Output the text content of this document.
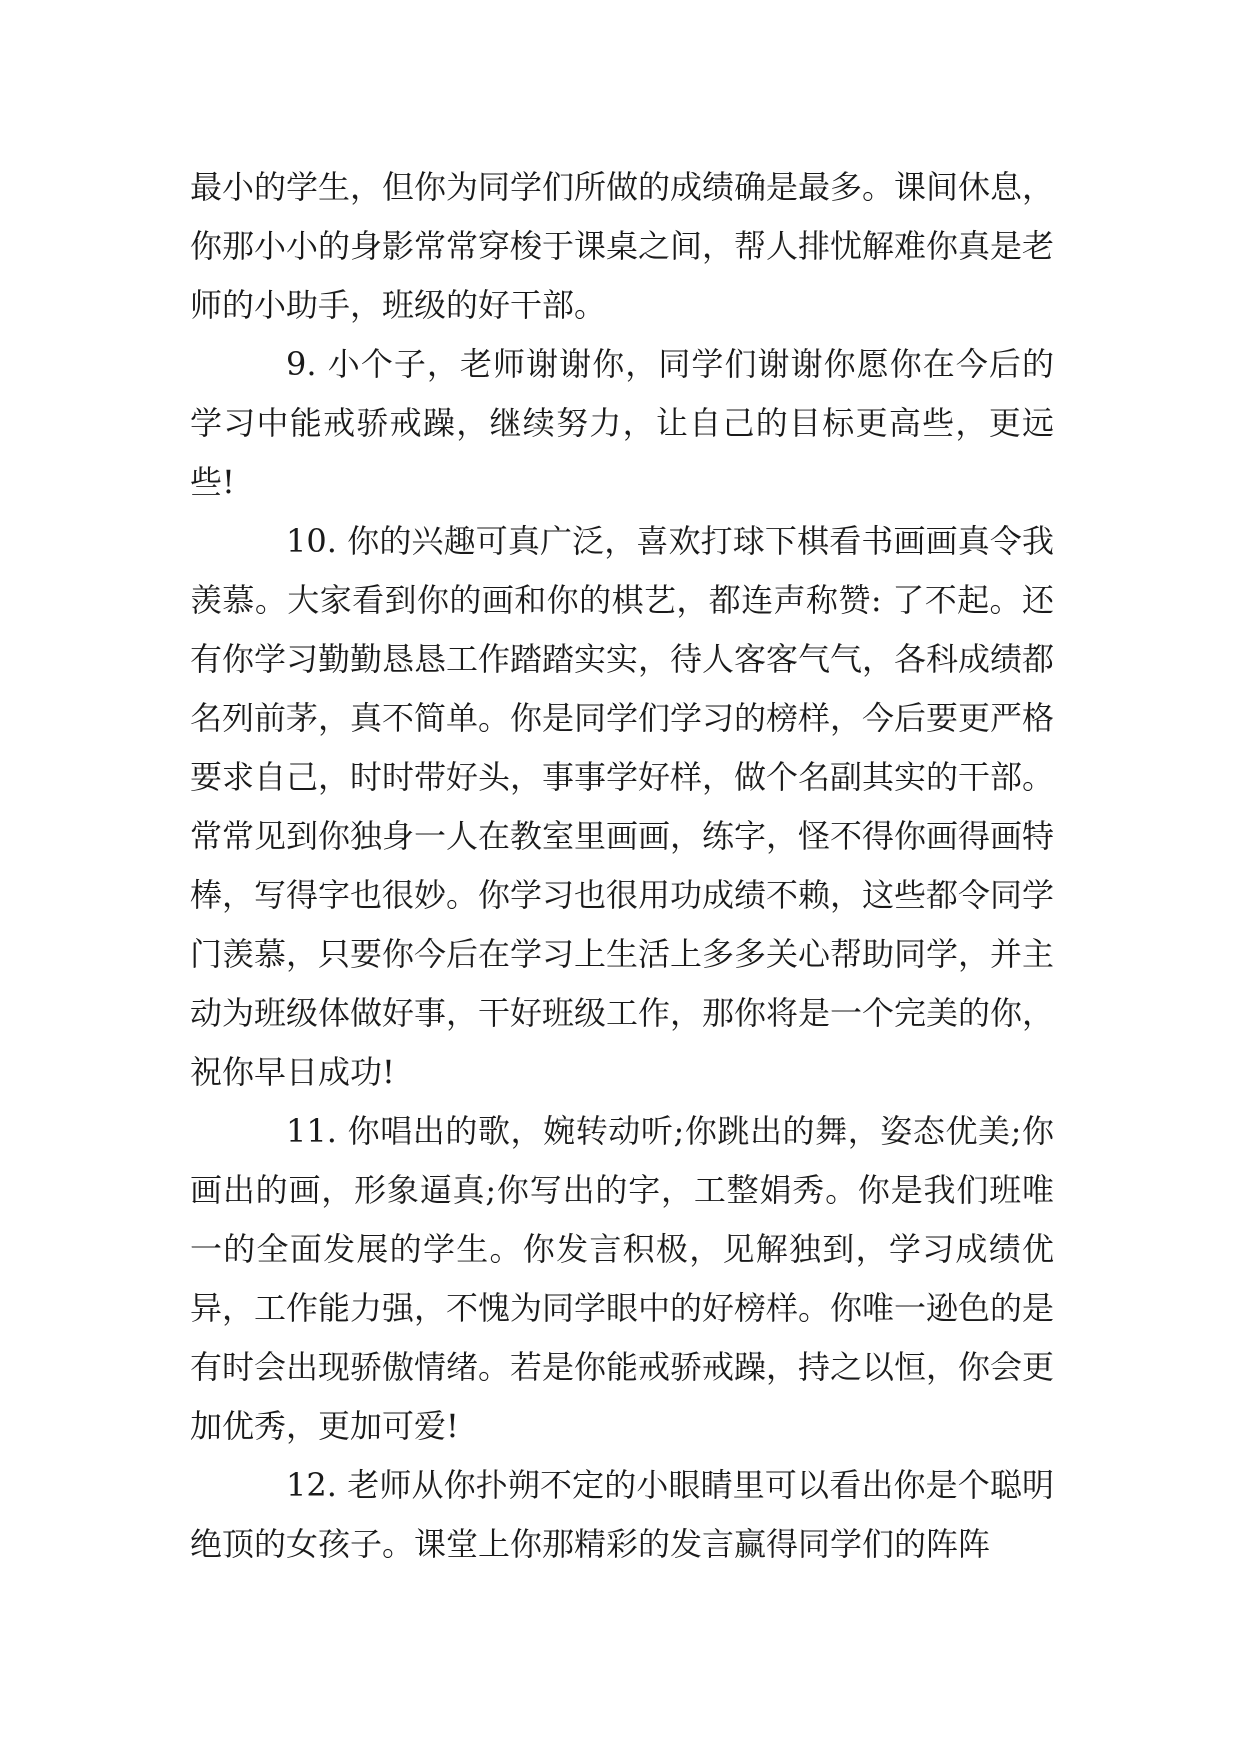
最小的学生，但你为同学们所做的成绩确是最多。课间休息，你那小小的身影常常穿梭于课桌之间，帮人排忧解难你真是老师的小助手，班级的好干部。

9. 小个子，老师谢谢你，同学们谢谢你愿你在今后的学习中能戒骄戒躁，继续努力，让自己的目标更高些，更远些!

10. 你的兴趣可真广泛，喜欢打球下棋看书画画真令我羡慕。大家看到你的画和你的棋艺，都连声称赞: 了不起。还有你学习勤勤恳恳工作踏踏实实，待人客客气气，各科成绩都名列前茅，真不简单。你是同学们学习的榜样，今后要更严格要求自己，时时带好头，事事学好样，做个名副其实的干部。常常见到你独身一人在教室里画画，练字，怪不得你画得画特棒，写得字也很妙。你学习也很用功成绩不赖，这些都令同学门羡慕，只要你今后在学习上生活上多多关心帮助同学，并主动为班级体做好事，干好班级工作，那你将是一个完美的你，祝你早日成功!

11. 你唱出的歌，婉转动听;你跳出的舞，姿态优美;你画出的画，形象逼真;你写出的字，工整娟秀。你是我们班唯一的全面发展的学生。你发言积极，见解独到，学习成绩优异，工作能力强，不愧为同学眼中的好榜样。你唯一逊色的是有时会出现骄傲情绪。若是你能戒骄戒躁，持之以恒，你会更加优秀，更加可爱!

12. 老师从你扑朔不定的小眼睛里可以看出你是个聪明绝顶的女孩子。课堂上你那精彩的发言赢得同学们的阵阵
